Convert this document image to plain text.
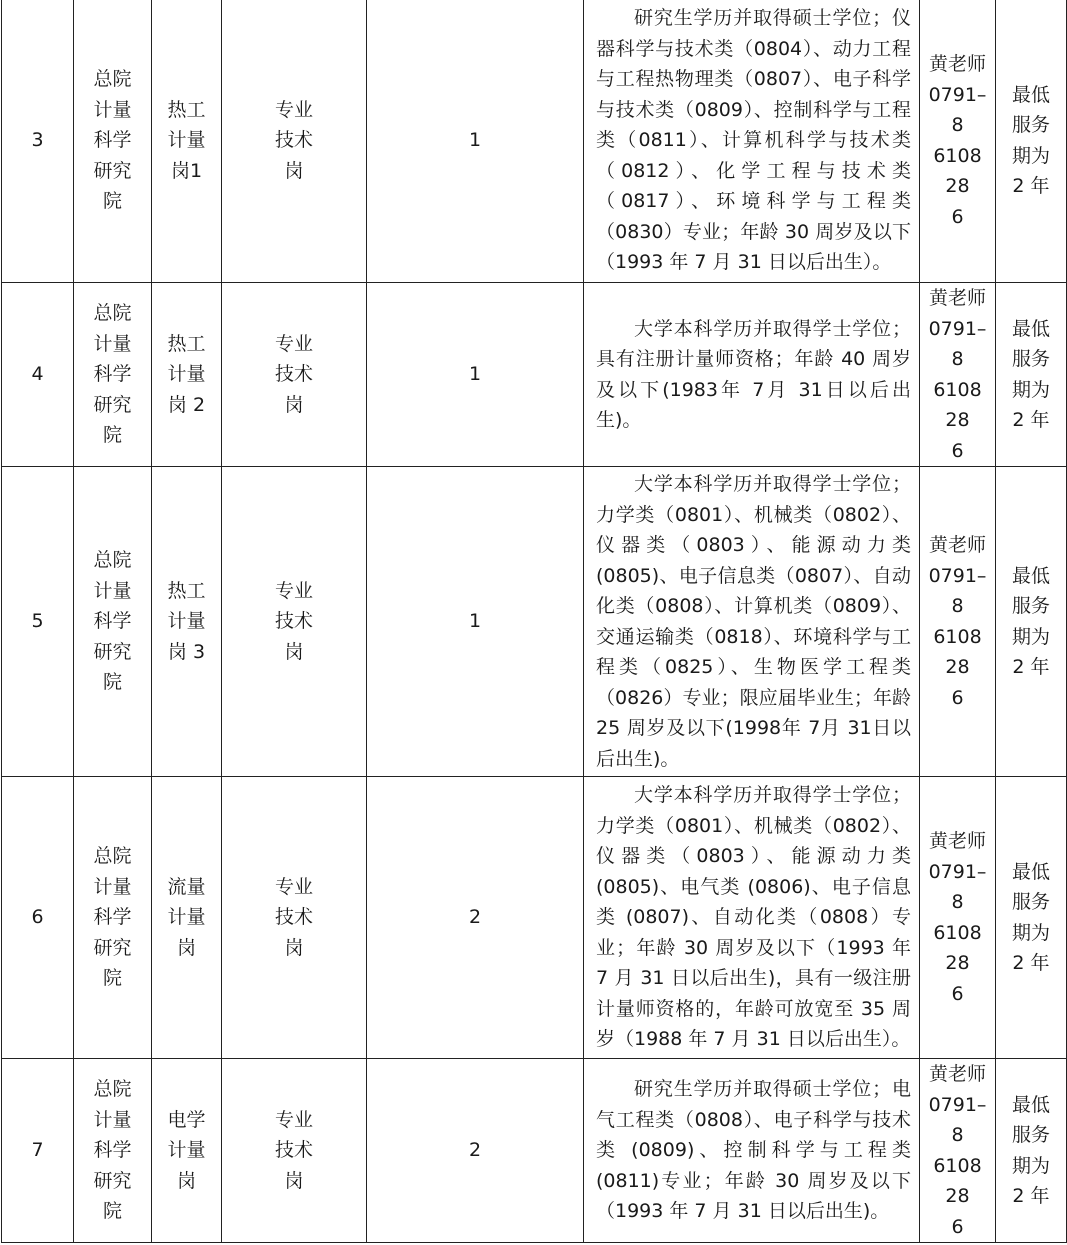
3	总院
计量
科学
研究
院	热工
计量
岗1	专业
技术
岗	1	研究生学历并取得硕士学位；仪器科学与技术类（0804）、动力工程与工程热物理类（0807）、电子科学与技术类（0809）、控制科学与工程类（0811）、计算机科学与技术类（0812）、化学工程与技术类（0817）、环境科学与工程类（0830）专业；年龄 30 周岁及以下（1993 年 7 月 31 日以后出生）。	黄老师
0791–8
610828
6	最低
服务
期为
2 年

4	总院
计量
科学
研究
院	热工
计量
岗 2	专业
技术
岗	1	大学本科学历并取得学士学位；具有注册计量师资格；年龄 40 周岁及以下(1983年 7月 31日以后出生)。	黄老师
0791–8
610828
6	最低
服务
期为
2 年

5	总院
计量
科学
研究
院	热工
计量
岗 3	专业
技术
岗	1	大学本科学历并取得学士学位；力学类（0801）、机械类（0802）、仪器类（0803）、能源动力类 (0805)、电子信息类（0807）、自动化类（0808）、计算机类（0809）、交通运输类（0818）、环境科学与工程类（0825）、生物医学工程类（0826）专业；限应届毕业生；年龄 25 周岁及以下(1998年 7月 31日以后出生)。	黄老师
0791–8
610828
6	最低
服务
期为
2 年

6	总院
计量
科学
研究
院	流量
计量
岗	专业
技术
岗	2	大学本科学历并取得学士学位；力学类（0801）、机械类（0802）、仪器类（0803）、能源动力类 (0805)、电气类 (0806)、电子信息类 (0807)、自动化类（0808）专业；年龄 30 周岁及以下（1993 年 7 月 31 日以后出生)，具有一级注册计量师资格的，年龄可放宽至 35 周岁（1988 年 7 月 31 日以后出生）。	黄老师
0791–8
610828
6	最低
服务
期为
2 年

7	总院
计量
科学
研究
院	电学
计量
岗	专业
技术
岗	2	研究生学历并取得硕士学位；电气工程类（0808）、电子科学与技术类 (0809)、控制科学与工程类 (0811)专业；年龄 30 周岁及以下（1993 年 7 月 31 日以后出生)。	黄老师
0791–8
610828
6	最低
服务
期为
2 年
